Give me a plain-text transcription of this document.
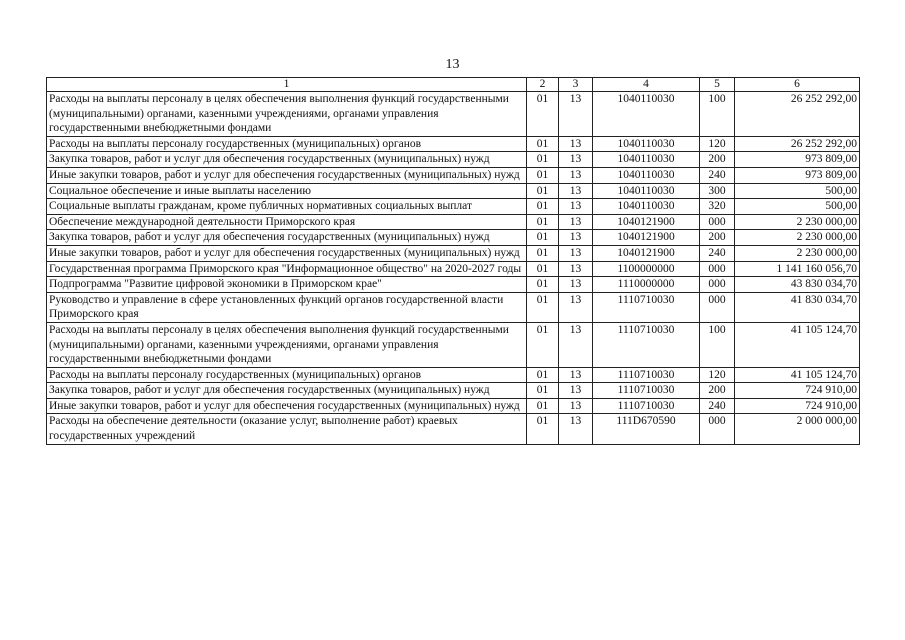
13
1	2	3	4	5	6
Расходы на выплаты персоналу в целях обеспечения выполнения функций государственными (муниципальными) органами, казенными учреждениями, органами управления государственными внебюджетными фондами	01	13	1040110030	100	26 252 292,00
Расходы на выплаты персоналу государственных (муниципальных) органов	01	13	1040110030	120	26 252 292,00
Закупка товаров, работ и услуг для обеспечения государственных (муниципальных) нужд	01	13	1040110030	200	973 809,00
Иные закупки товаров, работ и услуг для обеспечения государственных (муниципальных) нужд	01	13	1040110030	240	973 809,00
Социальное обеспечение и иные выплаты населению	01	13	1040110030	300	500,00
Социальные выплаты гражданам, кроме публичных нормативных социальных выплат	01	13	1040110030	320	500,00
Обеспечение международной деятельности Приморского края	01	13	1040121900	000	2 230 000,00
Закупка товаров, работ и услуг для обеспечения государственных (муниципальных) нужд	01	13	1040121900	200	2 230 000,00
Иные закупки товаров, работ и услуг для обеспечения государственных (муниципальных) нужд	01	13	1040121900	240	2 230 000,00
Государственная программа Приморского края "Информационное общество" на 2020-2027 годы	01	13	1100000000	000	1 141 160 056,70
Подпрограмма "Развитие цифровой экономики в Приморском крае"	01	13	1110000000	000	43 830 034,70
Руководство и управление в сфере установленных функций органов государственной власти Приморского края	01	13	1110710030	000	41 830 034,70
Расходы на выплаты персоналу в целях обеспечения выполнения функций государственными (муниципальными) органами, казенными учреждениями, органами управления государственными внебюджетными фондами	01	13	1110710030	100	41 105 124,70
Расходы на выплаты персоналу государственных (муниципальных) органов	01	13	1110710030	120	41 105 124,70
Закупка товаров, работ и услуг для обеспечения государственных (муниципальных) нужд	01	13	1110710030	200	724 910,00
Иные закупки товаров, работ и услуг для обеспечения государственных (муниципальных) нужд	01	13	1110710030	240	724 910,00
Расходы на обеспечение деятельности (оказание услуг, выполнение работ) краевых государственных учреждений	01	13	111D670590	000	2 000 000,00
